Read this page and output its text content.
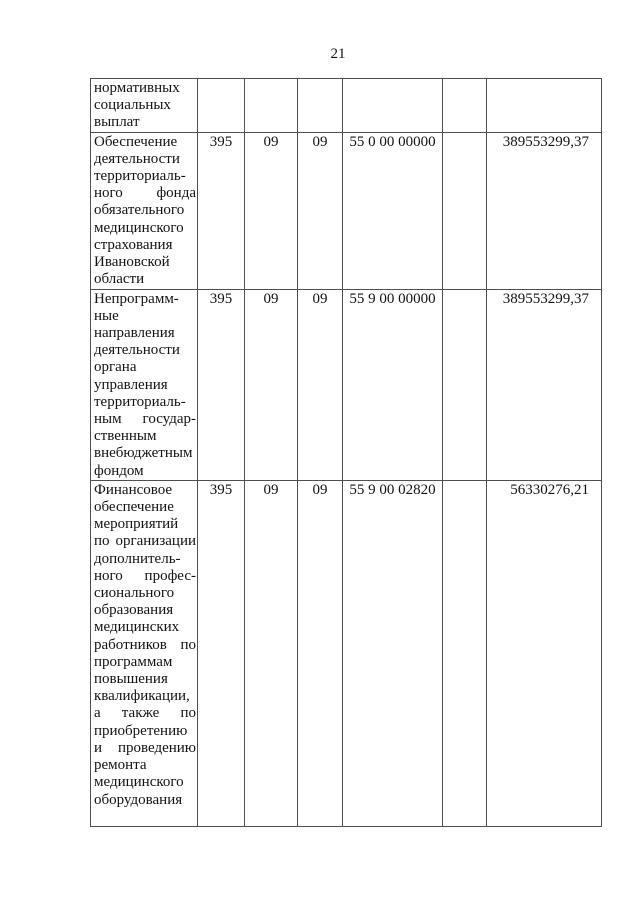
21
нормативных
социальных
выплат						

Обеспечение
деятельности
территориаль-
ного фонда
обязательного
медицинского
страхования
Ивановской
области
	395	09	09	55 0 00 00000		389553299,37

Непрограмм-
ные
направления
деятельности
органа
управления
территориаль-
ным государ-
ственным
внебюджетным
фондом
	395	09	09	55 9 00 00000		389553299,37

Финансовое
обеспечение
мероприятий
по организации
дополнитель-
ного профес-
сионального
образования
медицинских
работников по
программам
повышения
квалификации,
а также по
приобретению
и проведению
ремонта
медицинского
оборудования
	395	09	09	55 9 00 02820		56330276,21
